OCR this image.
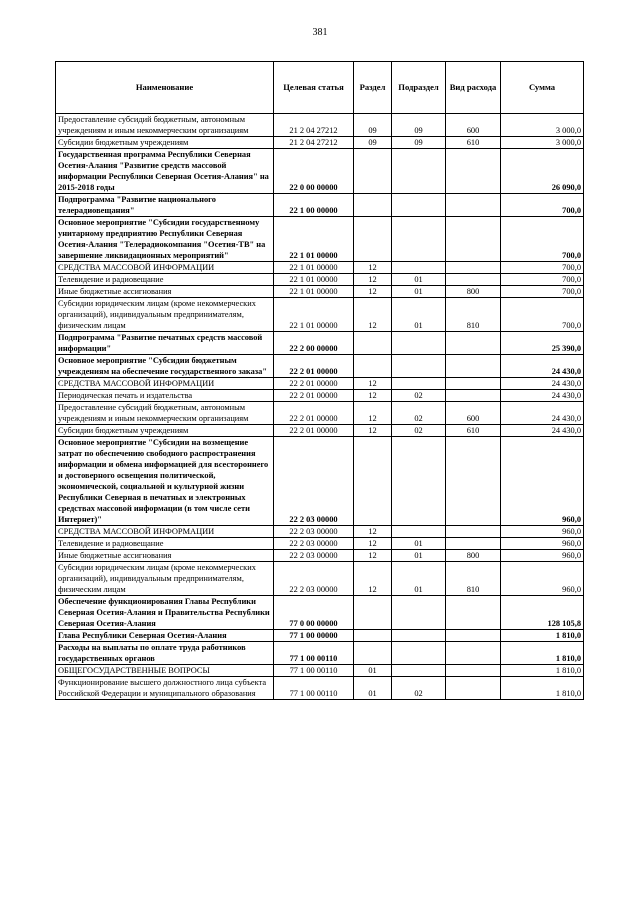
381
Наименование	Целевая статья	Раздел	Подраздел	Вид расхода	Сумма
Предоставление субсидий бюджетным, автономным учреждениям и иным некоммерческим организациям	21 2 04 27212	09	09	600	3 000,0
Субсидии бюджетным учреждениям	21 2 04 27212	09	09	610	3 000,0
Государственная программа Республики Северная Осетия-Алания "Развитие средств массовой информации Республики Северная Осетия-Алания" на 2015-2018 годы	22 0 00 00000				26 090,0
Подпрограмма "Развитие национального телерадиовещания"	22 1 00 00000				700,0
Основное мероприятие "Субсидии государственному унитарному предприятию Республики Северная Осетия-Алания "Телерадиокомпания "Осетия-ТВ" на завершение ликвидационных мероприятий"	22 1 01 00000				700,0
СРЕДСТВА МАССОВОЙ ИНФОРМАЦИИ	22 1 01 00000	12			700,0
Телевидение и радиовещание	22 1 01 00000	12	01		700,0
Иные бюджетные ассигнования	22 1 01 00000	12	01	800	700,0
Субсидии юридическим лицам (кроме некоммерческих организаций), индивидуальным предпринимателям, физическим лицам	22 1 01 00000	12	01	810	700,0
Подпрограмма "Развитие печатных средств массовой информации"	22 2 00 00000				25 390,0
Основное мероприятие "Субсидии бюджетным учреждениям на обеспечение государственного заказа"	22 2 01 00000				24 430,0
СРЕДСТВА МАССОВОЙ ИНФОРМАЦИИ	22 2 01 00000	12			24 430,0
Периодическая печать и издательства	22 2 01 00000	12	02		24 430,0
Предоставление субсидий бюджетным, автономным учреждениям и иным некоммерческим организациям	22 2 01 00000	12	02	600	24 430,0
Субсидии бюджетным учреждениям	22 2 01 00000	12	02	610	24 430,0
Основное мероприятие "Субсидии на возмещение затрат по обеспечению свободного распространения информации и обмена информацией для всестороннего и достоверного освещения политической, экономической, социальной и культурной жизни Республики Северная в печатных и электронных средствах массовой информации (в том числе сети Интернет)"	22 2 03 00000				960,0
СРЕДСТВА МАССОВОЙ ИНФОРМАЦИИ	22 2 03 00000	12			960,0
Телевидение и радиовещание	22 2 03 00000	12	01		960,0
Иные бюджетные ассигнования	22 2 03 00000	12	01	800	960,0
Субсидии юридическим лицам (кроме некоммерческих организаций), индивидуальным предпринимателям, физическим лицам	22 2 03 00000	12	01	810	960,0
Обеспечение функционирования Главы Республики Северная Осетия-Алания и Правительства Республики Северная Осетия-Алания	77 0 00 00000				128 105,8
Глава Республики Северная Осетия-Алания	77 1 00 00000				1 810,0
Расходы на выплаты по оплате труда работников государственных органов	77 1 00 00110				1 810,0
ОБЩЕГОСУДАРСТВЕННЫЕ ВОПРОСЫ	77 1 00 00110	01			1 810,0
Функционирование высшего должностного лица субъекта Российской Федерации и муниципального образования	77 1 00 00110	01	02		1 810,0
